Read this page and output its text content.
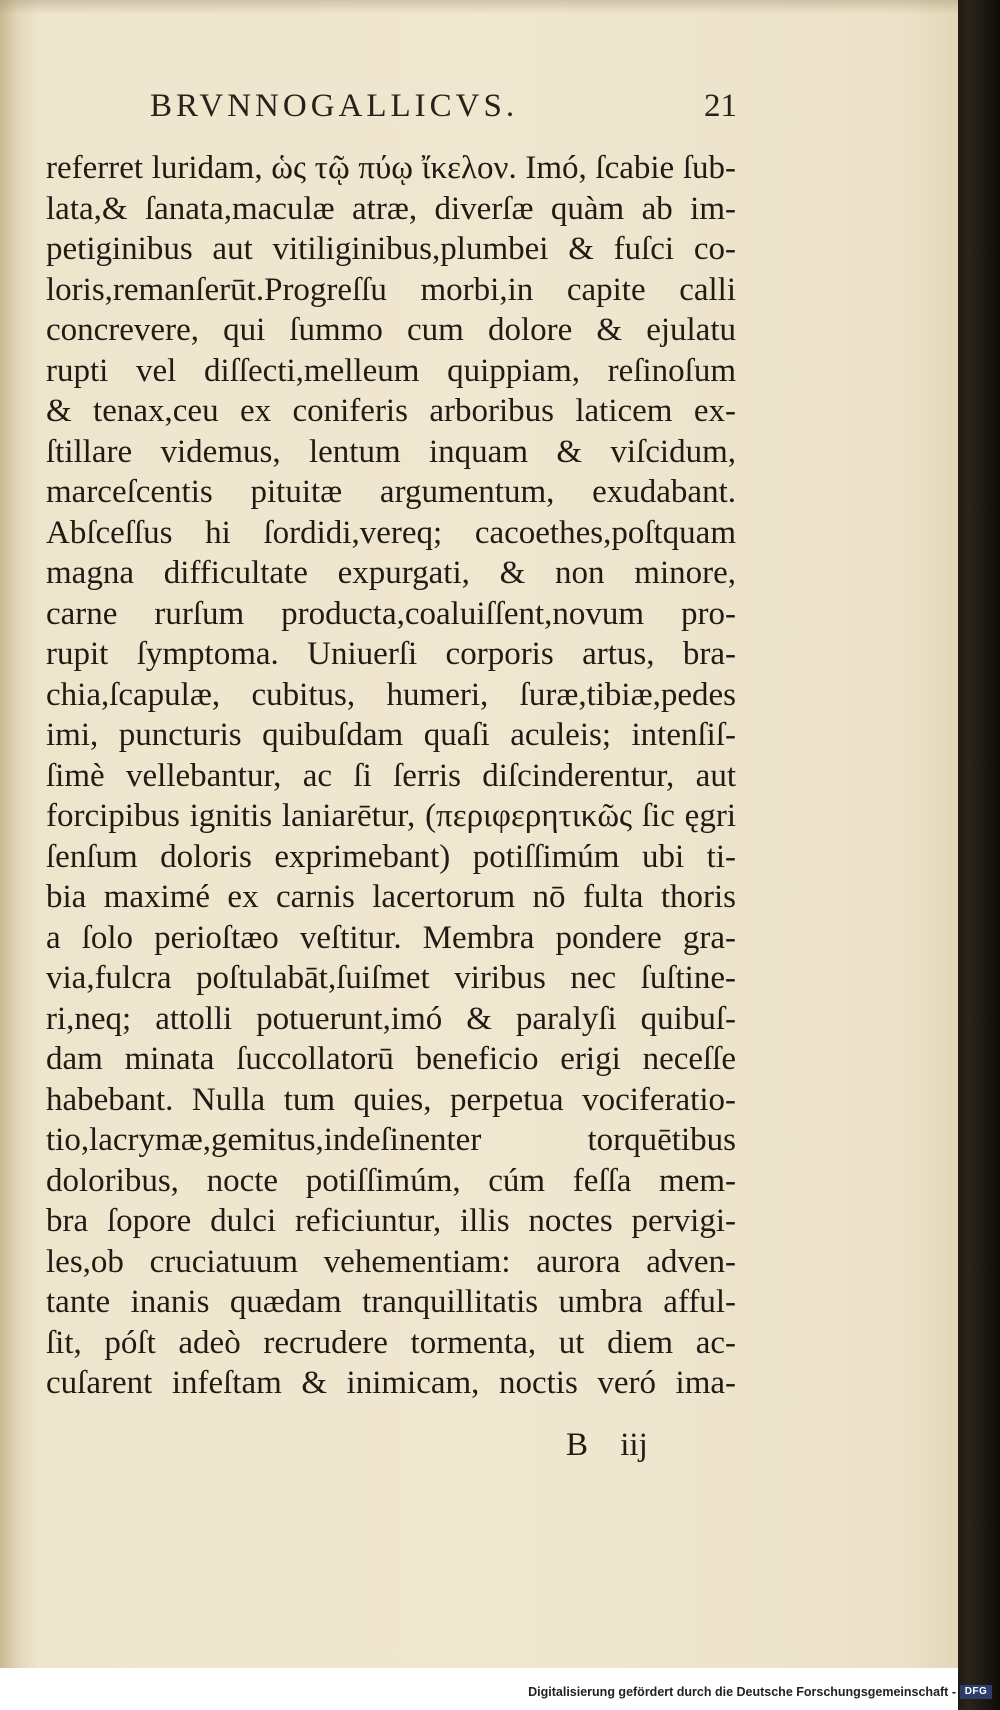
BRVNNOGALLICVS.	21
referret luridam, ὡς τῷ πύῳ ἴκελον. Imó, ſcabie ſub-
lata,& ſanata,maculæ atræ, diverſæ quàm ab im-
petiginibus aut vitiliginibus,plumbei & fuſci co-
loris,remanſerūt.Progreſſu morbi,in capite calli
concrevere, qui ſummo cum dolore & ejulatu
rupti vel diſſecti,melleum quippiam, reſinoſum
& tenax,ceu ex coniferis arboribus laticem ex-
ſtillare videmus, lentum inquam & viſcidum,
marceſcentis pituitæ argumentum, exudabant.
Abſceſſus hi ſordidi,vereq; cacoethes,poſtquam
magna difficultate expurgati, & non minore,
carne rurſum producta,coaluiſſent,novum pro-
rupit ſymptoma. Uniuerſi corporis artus, bra-
chia,ſcapulæ, cubitus, humeri, ſuræ,tibiæ,pedes
imi, puncturis quibuſdam quaſi aculeis; intenſiſ-
ſimè vellebantur, ac ſi ſerris diſcinderentur, aut
forcipibus ignitis laniarētur, (περιφερητικῶς ſic ęgri
ſenſum doloris exprimebant) potiſſimúm ubi ti-
bia maximé ex carnis lacertorum nō fulta thoris
a ſolo perioſtæo veſtitur. Membra pondere gra-
via,fulcra poſtulabāt,ſuiſmet viribus nec ſuſtine-
ri,neq; attolli potuerunt,imó & paralyſi quibuſ-
dam minata ſuccollatorū beneficio erigi neceſſe
habebant. Nulla tum quies, perpetua vociferatio-
tio,lacrymæ,gemitus,indeſinenter torquētibus
doloribus, nocte potiſſimúm, cúm feſſa mem-
bra ſopore dulci reficiuntur, illis noctes pervigi-
les,ob cruciatuum vehementiam: aurora adven-
tante inanis quædam tranquillitatis umbra afful-
ſit, póſt adeò recrudere tormenta, ut diem ac-
cuſarent infeſtam & inimicam, noctis veró ima-
B iij
Digitalisierung gefördert durch die Deutsche Forschungsgemeinschaft - DFG
